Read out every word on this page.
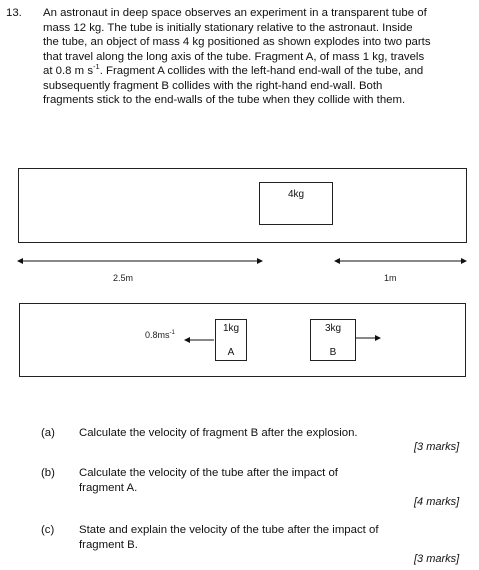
13. An astronaut in deep space observes an experiment in a transparent tube of
mass 12 kg. The tube is initially stationary relative to the astronaut. Inside
the tube, an object of mass 4 kg positioned as shown explodes into two parts
that travel along the long axis of the tube. Fragment A, of mass 1 kg, travels
at 0.8 m $s^{-1}$. Fragment A collides with the left-hand end-wall of the tube, and
subsequently fragment B collides with the right-hand end-wall. Both
fragments stick to the end-walls of the tube when they collide with them.
4kg
2.5m	1m
$0.8ms^{-1}$	1kg
A
3kg
B
(a) Calculate the velocity of fragment B after the explosion.
[3 marks]
(b) Calculate the velocity of the tube after the impact of
fragment A.
[4 marks]
(c) State and explain the velocity of the tube after the impact of
fragment B.
[3 marks]
